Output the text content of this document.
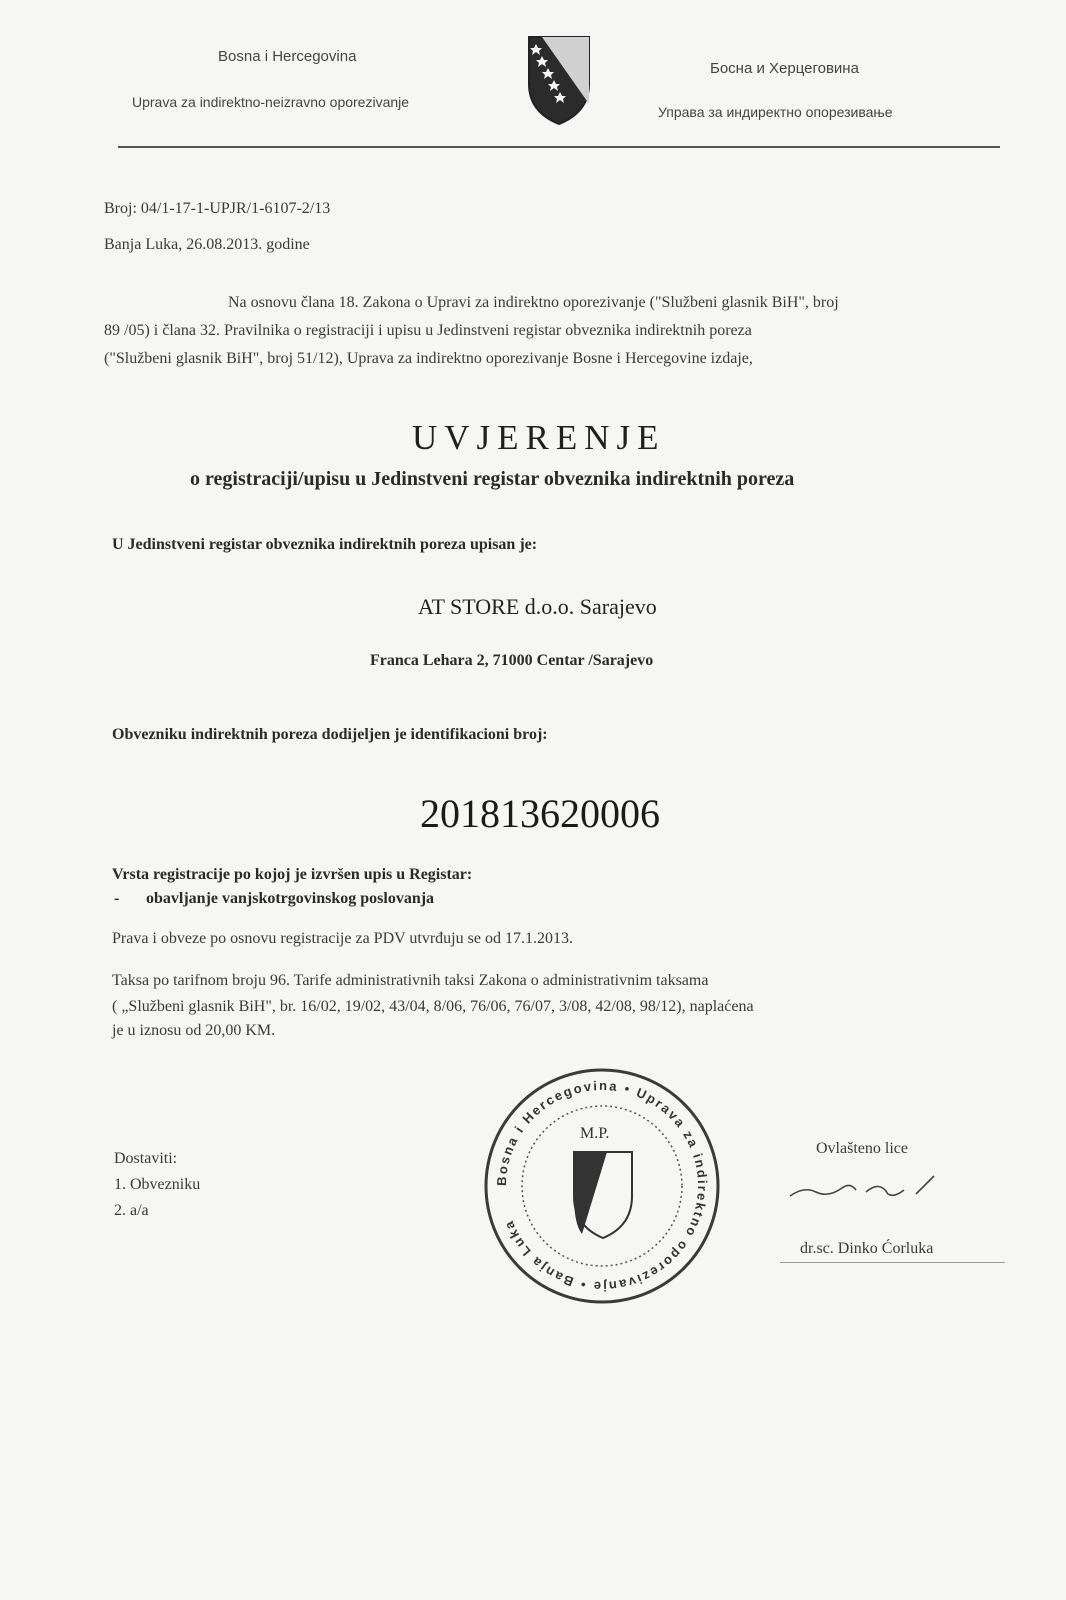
Bosna i Hercegovina
Uprava za indirektno-neizravno oporezivanje
Босна и Херцеговина
Управа за индиректно опорезивање
Broj: 04/1-17-1-UPJR/1-6107-2/13
Banja Luka, 26.08.2013. godine
Na osnovu člana 18. Zakona o Upravi za indirektno oporezivanje ("Službeni glasnik BiH", broj
89 /05) i člana 32. Pravilnika o registraciji i upisu u Jedinstveni registar obveznika indirektnih poreza
("Službeni glasnik BiH", broj 51/12), Uprava za indirektno oporezivanje Bosne i Hercegovine izdaje,
UVJERENJE
o registraciji/upisu u Jedinstveni registar obveznika indirektnih poreza
U Jedinstveni registar obveznika indirektnih poreza upisan je:
AT STORE d.o.o. Sarajevo
Franca Lehara 2, 71000 Centar /Sarajevo
Obvezniku indirektnih poreza dodijeljen je identifikacioni broj:
201813620006
Vrsta registracije po kojoj je izvršen upis u Registar:
- obavljanje vanjskotrgovinskog poslovanja
Prava i obveze po osnovu registracije za PDV utvrđuju se od 17.1.2013.
Taksa po tarifnom broju 96. Tarife administrativnih taksi Zakona o administrativnim taksama
( „Službeni glasnik BiH", br. 16/02, 19/02, 43/04, 8/06, 76/06, 76/07, 3/08, 42/08, 98/12), naplaćena
je u iznosu od 20,00 KM.
Dostaviti:
1. Obvezniku
2. a/a
Bosna i Hercegovina • Uprava za indirektno oporezivanje • Banja Luka
M.P.
Ovlašteno lice
dr.sc. Dinko Ćorluka
